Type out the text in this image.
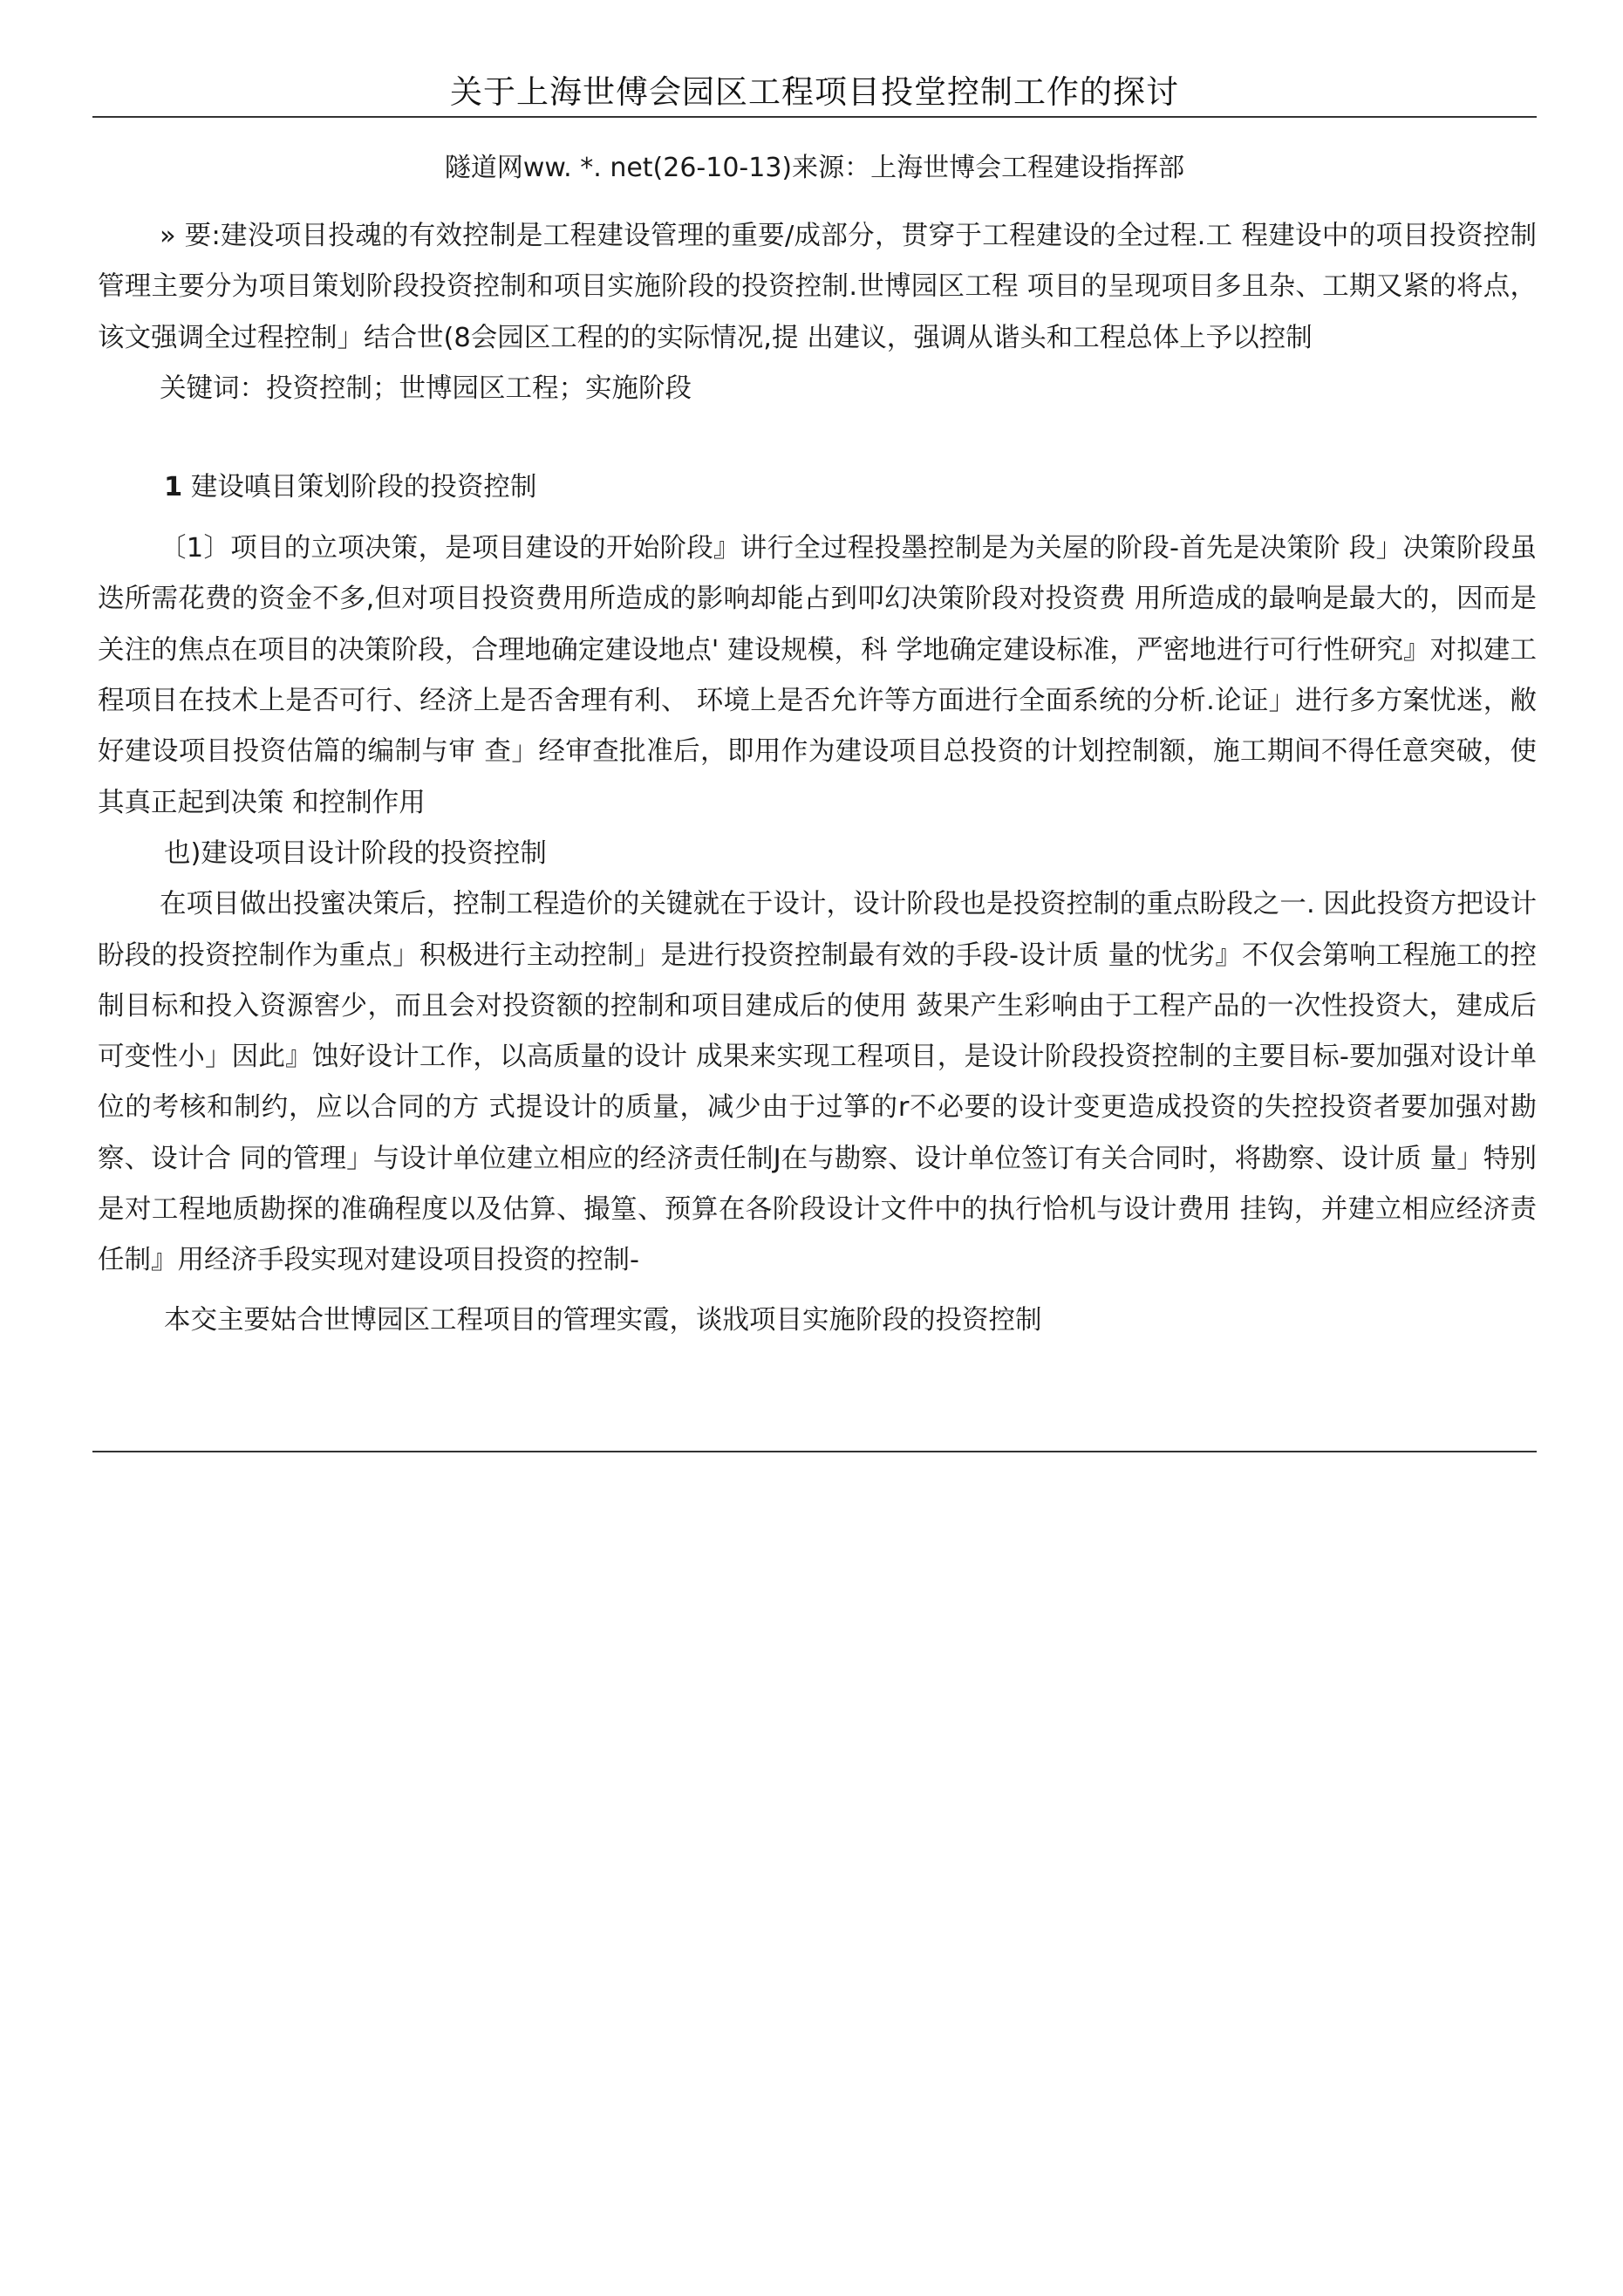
关于上海世傅会园区工程项目投堂控制工作的探讨
隧道网ww. *. net(26-10-13)来源：上海世博会工程建设指挥部

» 要:建没项目投魂的有效控制是工程建设管理的重要/成部分，贯穿于工程建设的全过程.工 程建设中的项目投资控制管理主要分为项目策划阶段投资控制和项目实施阶段的投资控制.世博园区工程 项目的呈现项目多且杂、工期又紧的将点，该文强调全过程控制」结合世(8会园区工程的的实际情况,提 出建议，强调从谐头和工程总体上予以控制

关键词：投资控制；世博园区工程；实施阶段

1 建设嗔目策划阶段的投资控制

〔1〕项目的立项决策，是项目建设的开始阶段』讲行全过程投墨控制是为关屋的阶段-首先是决策阶 段」决策阶段虽迭所需花费的资金不多,但对项目投资费用所造成的影响却能占到叩幻决策阶段对投资费 用所造成的最响是最大的，因而是关注的焦点在项目的决策阶段，合理地确定建设地点' 建设规模，科 学地确定建设标准，严密地进行可行性研究』对拟建工程项目在技术上是否可行、经济上是否舍理有利、 环境上是否允许等方面进行全面系统的分析.论证」进行多方案忧迷，敝好建设项目投资估篇的编制与审 查」经审查批准后，即用作为建设项目总投资的计划控制额，施工期间不得任意突破，使其真正起到决策 和控制作用

也)建设项目设计阶段的投资控制

在项目做出投蜜决策后，控制工程造价的关键就在于设计，设计阶段也是投资控制的重点盼段之一. 因此投资方把设计盼段的投资控制作为重点」积极进行主动控制」是进行投资控制最有效的手段-设计质 量的忧劣』不仅会第响工程施工的控制目标和投入资源窖少，而且会对投资额的控制和项目建成后的使用 蔹果产生彩响由于工程产品的一次性投资大，建成后可变性小」因此』蚀好设计工作，以高质量的设计 成果来实现工程项目，是设计阶段投资控制的主要目标-要加强对设计单位的考核和制约，应以合同的方 式提设计的质量，减少由于过箏的r不必要的设计变更造成投资的失控投资者要加强对勘察、设计合 同的管理」与设计单位建立相应的经济责任制J在与勘察、设计单位签订有关合同时，将勘察、设计质 量」特别是对工程地质勘探的准确程度以及估算、撮篁、预算在各阶段设计文件中的执行恰机与设计费用 挂钩，并建立相应经济责任制』用经济手段实现对建设项目投资的控制-

本交主要姑合世博园区工程项目的管理实霞，谈戕项目实施阶段的投资控制
